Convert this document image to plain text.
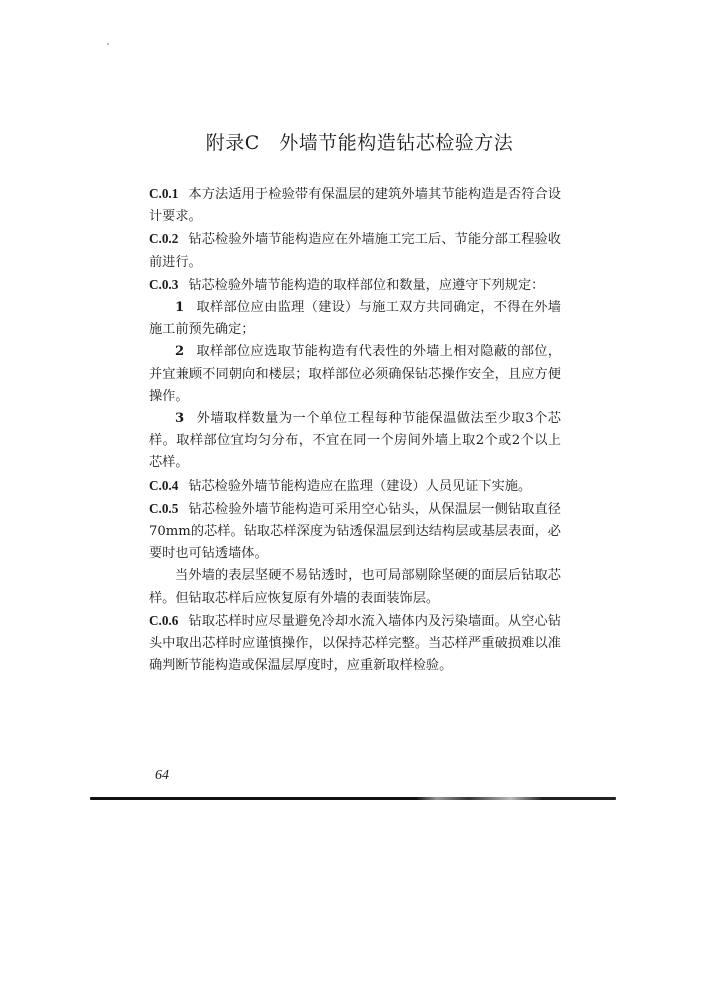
附录C　外墙节能构造钻芯检验方法

C.0.1 本方法适用于检验带有保温层的建筑外墙其节能构造是否符合设计要求。

C.0.2 钻芯检验外墙节能构造应在外墙施工完工后、节能分部工程验收前进行。

C.0.3 钻芯检验外墙节能构造的取样部位和数量，应遵守下列规定：

1 取样部位应由监理（建设）与施工双方共同确定，不得在外墙施工前预先确定；

2 取样部位应选取节能构造有代表性的外墙上相对隐蔽的部位，并宜兼顾不同朝向和楼层；取样部位必须确保钻芯操作安全，且应方便操作。

3 外墙取样数量为一个单位工程每种节能保温做法至少取3个芯样。取样部位宜均匀分布，不宜在同一个房间外墙上取2个或2个以上芯样。

C.0.4 钻芯检验外墙节能构造应在监理（建设）人员见证下实施。

C.0.5 钻芯检验外墙节能构造可采用空心钻头，从保温层一侧钻取直径70mm的芯样。钻取芯样深度为钻透保温层到达结构层或基层表面，必要时也可钻透墙体。

当外墙的表层坚硬不易钻透时，也可局部剔除坚硬的面层后钻取芯样。但钻取芯样后应恢复原有外墙的表面装饰层。

C.0.6 钻取芯样时应尽量避免冷却水流入墙体内及污染墙面。从空心钻头中取出芯样时应谨慎操作，以保持芯样完整。当芯样严重破损难以准确判断节能构造或保温层厚度时，应重新取样检验。

64
